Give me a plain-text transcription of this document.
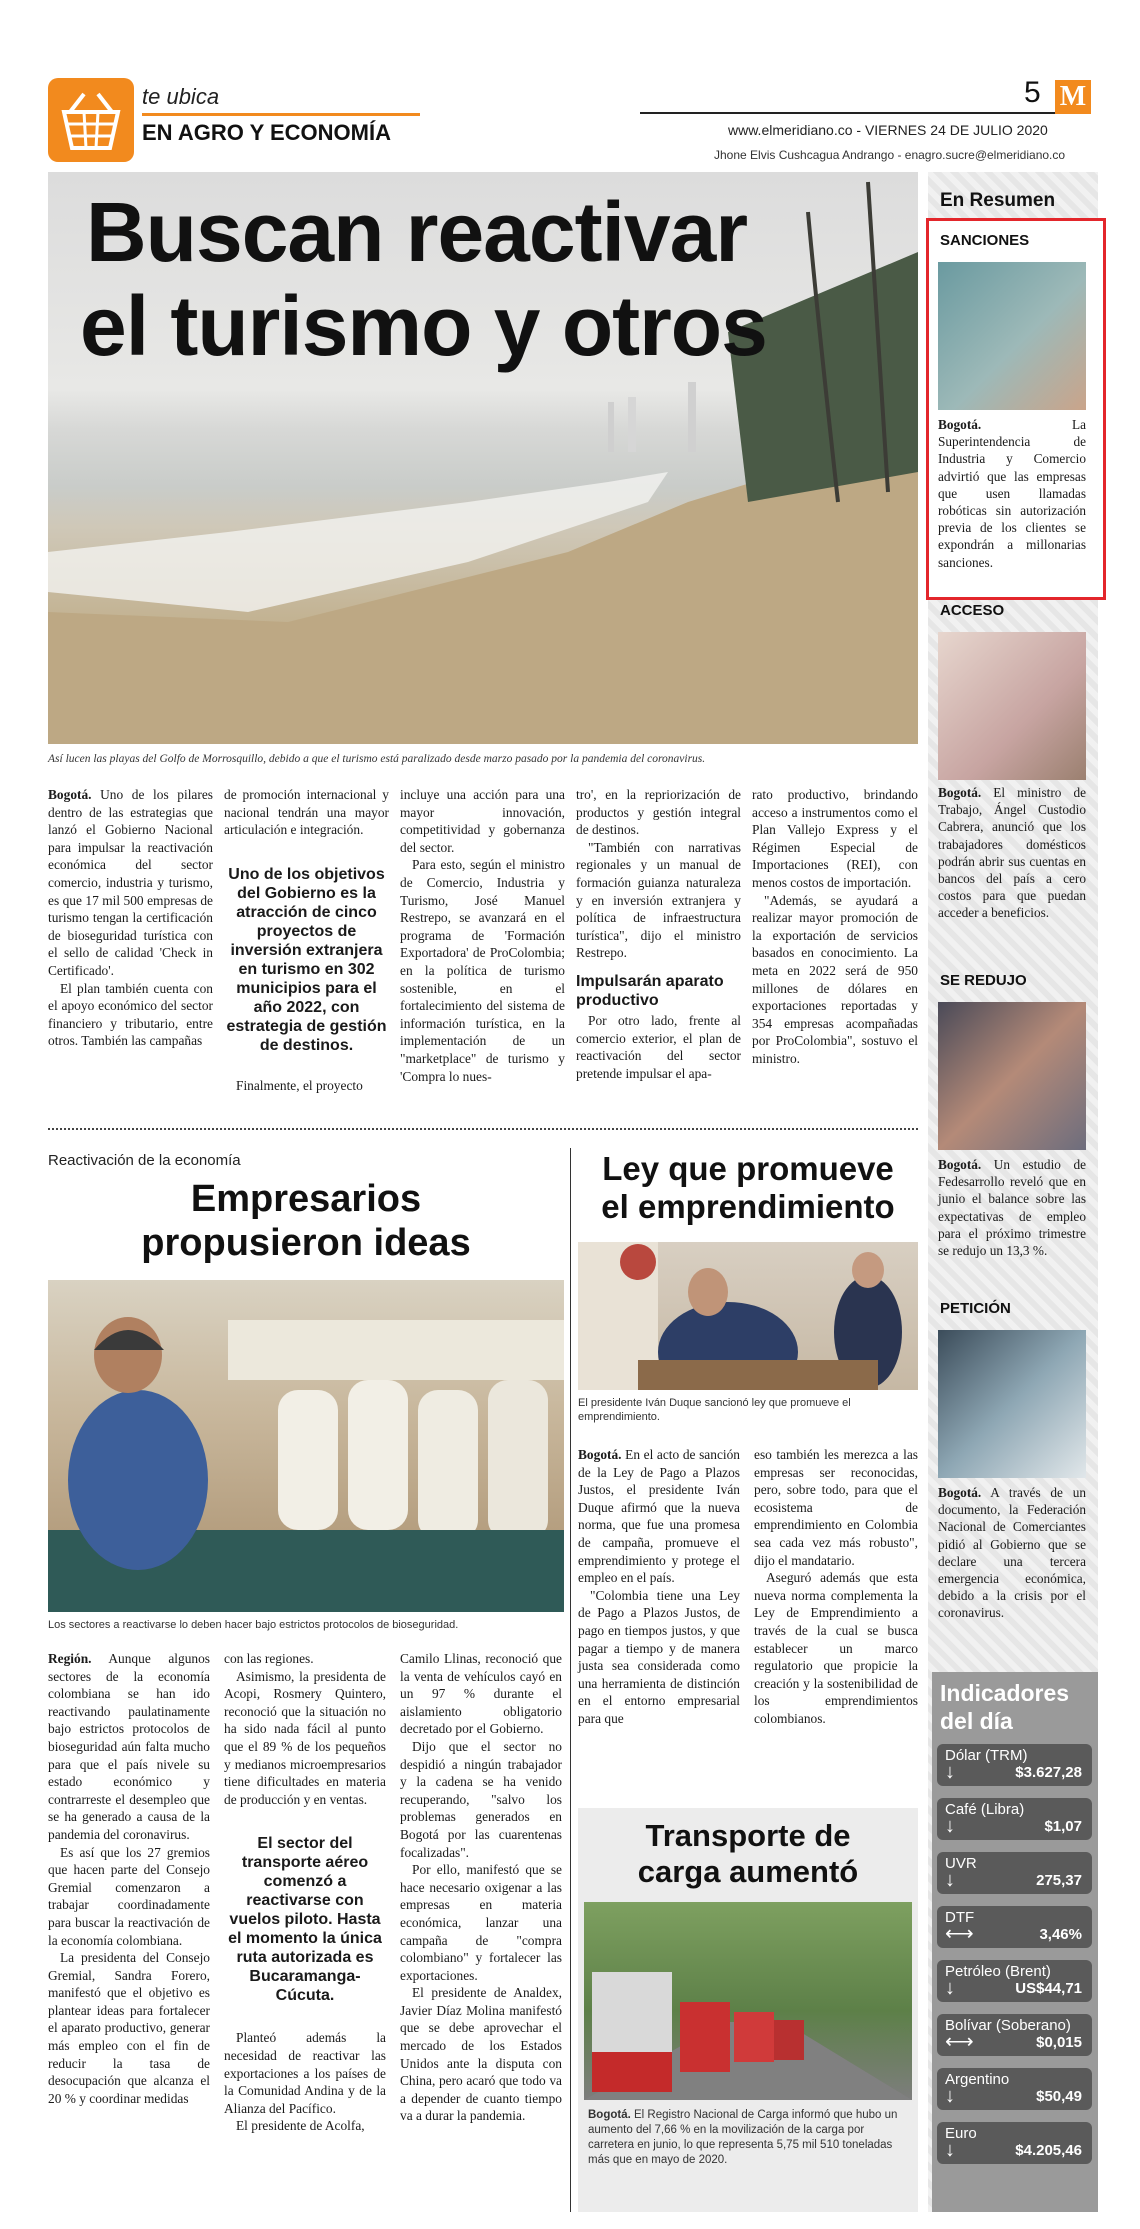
te ubica
EN AGRO Y ECONOMÍA
5 M
www.elmeridiano.co - VIERNES 24 DE JULIO 2020
Jhone Elvis Cushcagua Andrango - enagro.sucre@elmeridiano.co
Buscan reactivar
el turismo y otros
Así lucen las playas del Golfo de Morrosquillo, debido a que el turismo está paralizado desde marzo pasado por la pandemia del coronavirus.

Bogotá. Uno de los pilares dentro de las estrategias que lanzó el Gobierno Nacional para impulsar la reactivación económica del sector comercio, industria y turismo, es que 17 mil 500 empresas de turismo tengan la certificación de bioseguridad turística con el sello de calidad 'Check in Certificado'.

El plan también cuenta con el apoyo económico del sector financiero y tributario, entre otros. También las campañas

de promoción internacional y nacional tendrán una mayor articulación e integración.

Uno de los objetivos del Gobierno es la atracción de cinco proyectos de inversión extranjera en turismo en 302 municipios para el año 2022, con estrategia de gestión de destinos.

Finalmente, el proyecto

incluye una acción para una mayor innovación, competitividad y gobernanza del sector.

Para esto, según el ministro de Comercio, Industria y Turismo, José Manuel Restrepo, se avanzará en el programa de 'Formación Exportadora' de ProColombia; en la política de turismo sostenible, en el fortalecimiento del sistema de información turística, en la implementación de un "marketplace" de turismo y 'Compra lo nues-

tro', en la repriorización de productos y gestión integral de destinos.

"También con narrativas regionales y un manual de formación guianza naturaleza y en inversión extranjera y política de infraestructura turística", dijo el ministro Restrepo.

Impulsarán aparato productivo

Por otro lado, frente al comercio exterior, el plan de reactivación del sector pretende impulsar el apa-

rato productivo, brindando acceso a instrumentos como el Plan Vallejo Express y el Régimen Especial de Importaciones (REI), con menos costos de importación.

"Además, se ayudará a realizar mayor promoción de la exportación de servicios basados en conocimiento. La meta en 2022 será de 950 millones de dólares en exportaciones reportadas y 354 empresas acompañadas por ProColombia", sostuvo el ministro.

Reactivación de la economía
Empresarios
propusieron ideas
Los sectores a reactivarse lo deben hacer bajo estrictos protocolos de bioseguridad.

Región. Aunque algunos sectores de la economía colombiana se han ido reactivando paulatinamente bajo estrictos protocolos de bioseguridad aún falta mucho para que el país nivele su estado económico y contrarreste el desempleo que se ha generado a causa de la pandemia del coronavirus.

Es así que los 27 gremios que hacen parte del Consejo Gremial comenzaron a trabajar coordinadamente para buscar la reactivación de la economía colombiana.

La presidenta del Consejo Gremial, Sandra Forero, manifestó que el objetivo es plantear ideas para fortalecer el aparato productivo, generar más empleo con el fin de reducir la tasa de desocupación que alcanza el 20 % y coordinar medidas

con las regiones.

Asimismo, la presidenta de Acopi, Rosmery Quintero, reconoció que la situación no ha sido nada fácil al punto que el 89 % de los pequeños y medianos microempresarios tiene dificultades en materia de producción y en ventas.

El sector del transporte aéreo comenzó a reactivarse con vuelos piloto. Hasta el momento la única ruta autorizada es Bucaramanga-Cúcuta.

Planteó además la necesidad de reactivar las exportaciones a los países de la Comunidad Andina y de la Alianza del Pacífico.

El presidente de Acolfa,

Camilo Llinas, reconoció que la venta de vehículos cayó en un 97 % durante el aislamiento obligatorio decretado por el Gobierno.

Dijo que el sector no despidió a ningún trabajador y la cadena se ha venido recuperando, "salvo los problemas generados en Bogotá por las cuarentenas focalizadas".

Por ello, manifestó que se hace necesario oxigenar a las empresas en materia económica, lanzar una campaña de "compra colombiano" y fortalecer las exportaciones.

El presidente de Analdex, Javier Díaz Molina manifestó que se debe aprovechar el mercado de los Estados Unidos ante la disputa con China, pero acaró que todo va a depender de cuanto tiempo va a durar la pandemia.

Ley que promueve
el emprendimiento
El presidente Iván Duque sancionó ley que promueve el emprendimiento.

Bogotá. En el acto de sanción de la Ley de Pago a Plazos Justos, el presidente Iván Duque afirmó que la nueva norma, que fue una promesa de campaña, promueve el emprendimiento y protege el empleo en el país.

"Colombia tiene una Ley de Pago a Plazos Justos, de pago en tiempos justos, y que pagar a tiempo y de manera justa sea considerada como una herramienta de distinción en el entorno empresarial para que

eso también les merezca a las empresas ser reconocidas, pero, sobre todo, para que el ecosistema de emprendimiento en Colombia sea cada vez más robusto", dijo el mandatario.

Aseguró además que esta nueva norma complementa la Ley de Emprendimiento a través de la cual se busca establecer un marco regulatorio que propicie la creación y la sostenibilidad de los emprendimientos colombianos.

Transporte de
carga aumentó
Bogotá. El Registro Nacional de Carga informó que hubo un aumento del 7,66 % en la movilización de la carga por carretera en junio, lo que representa 5,75 mil 510 toneladas más que en mayo de 2020.
En Resumen
SANCIONES
Bogotá.	La Superintendencia de Industria y Comercio advirtió que las empresas que usen llamadas robóticas sin autorización previa de los clientes se expondrán a millonarias sanciones.
ACCESO
Bogotá. El ministro de Trabajo, Ángel Custodio Cabrera, anunció que los trabajadores domésticos podrán abrir sus cuentas en bancos del país a cero costos para que puedan acceder a beneficios.
SE REDUJO
Bogotá. Un estudio de Fedesarrollo reveló que en junio el balance sobre las expectativas de empleo para el próximo trimestre se redujo un 13,3 %.
PETICIÓN
Bogotá. A través de un documento, la Federación Nacional de Comerciantes pidió al Gobierno que se declare una tercera emergencia económica, debido a la crisis por el coronavirus.
Indicadores
del día
Dólar (TRM)
↓	$3.627,28
Café (Libra)
↓	$1,07
UVR
↓	275,37
DTF
⟷	3,46%
Petróleo (Brent)
↓	US$44,71
Bolívar (Soberano)
⟷	$0,015
Argentino
↓	$50,49
Euro
↓	$4.205,46
